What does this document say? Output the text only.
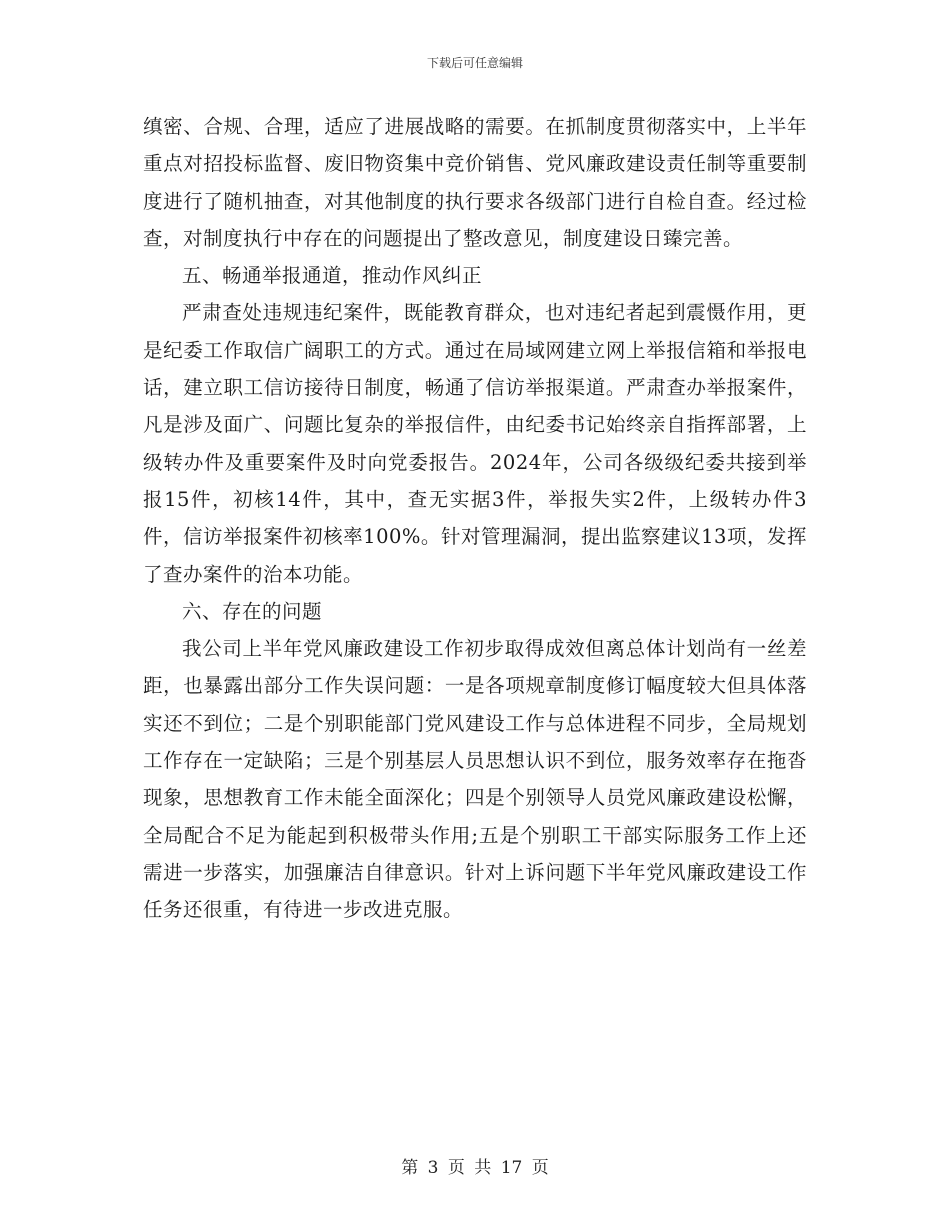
下载后可任意编辑

缜密、合规、合理，适应了进展战略的需要。在抓制度贯彻落实中，上半年重点对招投标监督、废旧物资集中竞价销售、党风廉政建设责任制等重要制度进行了随机抽查，对其他制度的执行要求各级部门进行自检自查。经过检查，对制度执行中存在的问题提出了整改意见，制度建设日臻完善。

五、畅通举报通道，推动作风纠正

严肃查处违规违纪案件，既能教育群众，也对违纪者起到震慑作用，更是纪委工作取信广阔职工的方式。通过在局域网建立网上举报信箱和举报电话，建立职工信访接待日制度，畅通了信访举报渠道。严肃查办举报案件，凡是涉及面广、问题比复杂的举报信件，由纪委书记始终亲自指挥部署，上级转办件及重要案件及时向党委报告。2024年，公司各级级纪委共接到举报15件，初核14件，其中，查无实据3件，举报失实2件，上级转办件3件，信访举报案件初核率100%。针对管理漏洞，提出监察建议13项，发挥了查办案件的治本功能。

六、存在的问题

我公司上半年党风廉政建设工作初步取得成效但离总体计划尚有一丝差距，也暴露出部分工作失误问题：一是各项规章制度修订幅度较大但具体落实还不到位；二是个别职能部门党风建设工作与总体进程不同步，全局规划工作存在一定缺陷；三是个别基层人员思想认识不到位，服务效率存在拖沓现象，思想教育工作未能全面深化；四是个别领导人员党风廉政建设松懈，全局配合不足为能起到积极带头作用;五是个别职工干部实际服务工作上还需进一步落实，加强廉洁自律意识。针对上诉问题下半年党风廉政建设工作任务还很重，有待进一步改进克服。

第 3 页 共 17 页
